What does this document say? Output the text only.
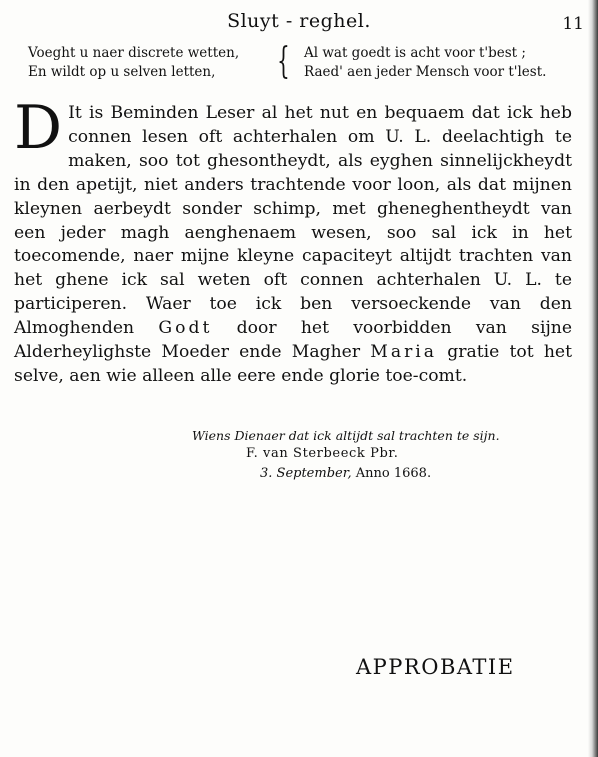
Sluyt - reghel.	11
Voeght u naer discrete wetten,
En wildt op u selven letten,	{ Al wat goedt is acht voor t'best ;
Raed' aen jeder Mensch voor t'lest.
D It is Beminden Leser al het nut en bequaem dat ick heb connen lesen oft achterhalen om U. L. deelachtigh te maken, soo tot ghesontheydt, als eyghen sinnelijckheydt in den apetijt, niet anders trachtende voor loon, als dat mijnen kleynen aerbeydt sonder schimp, met gheneghentheydt van een jeder magh aenghenaem wesen, soo sal ick in het toecomende, naer mijne kleyne capaciteyt altijdt trachten van het ghene ick sal weten oft connen achterhalen U. L. te participeren. Waer toe ick ben versoeckende van den Almoghenden Godt door het voorbidden van sijne Alderheylighste Moeder ende Magher Maria gratie tot het selve, aen wie alleen alle eere ende glorie toe-comt.
Wiens Dienaer dat ick altijdt sal trachten te sijn.
F. van Sterbeeck Pbr.
3. September, Anno 1668.
APPROBATIE
